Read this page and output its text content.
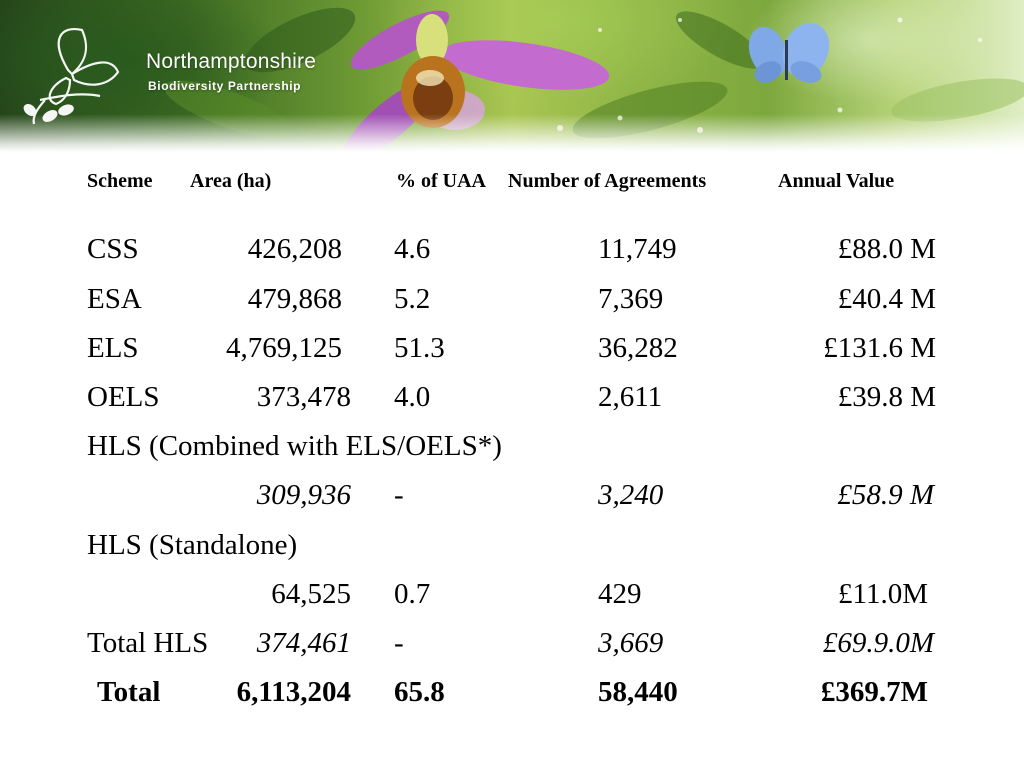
Northamptonshire
Biodiversity Partnership
Scheme Area (ha)	% of UAA Number of Agreements	Annual Value
CSS	426,208 4.6	11,749	£88.0 M
ESA	479,868 5.2	7,369	£40.4 M
ELS	4,769,125 51.3	36,282	£131.6 M
OELS	373,478 4.0	2,611	£39.8 M
HLS (Combined with ELS/OELS*)
309,936 -	3,240	£58.9 M
HLS (Standalone)
64,525 0.7	429	£11.0M
Total HLS 374,461 -	3,669	£69.9.0M
Total	6,113,204 65.8	58,440	£369.7M
